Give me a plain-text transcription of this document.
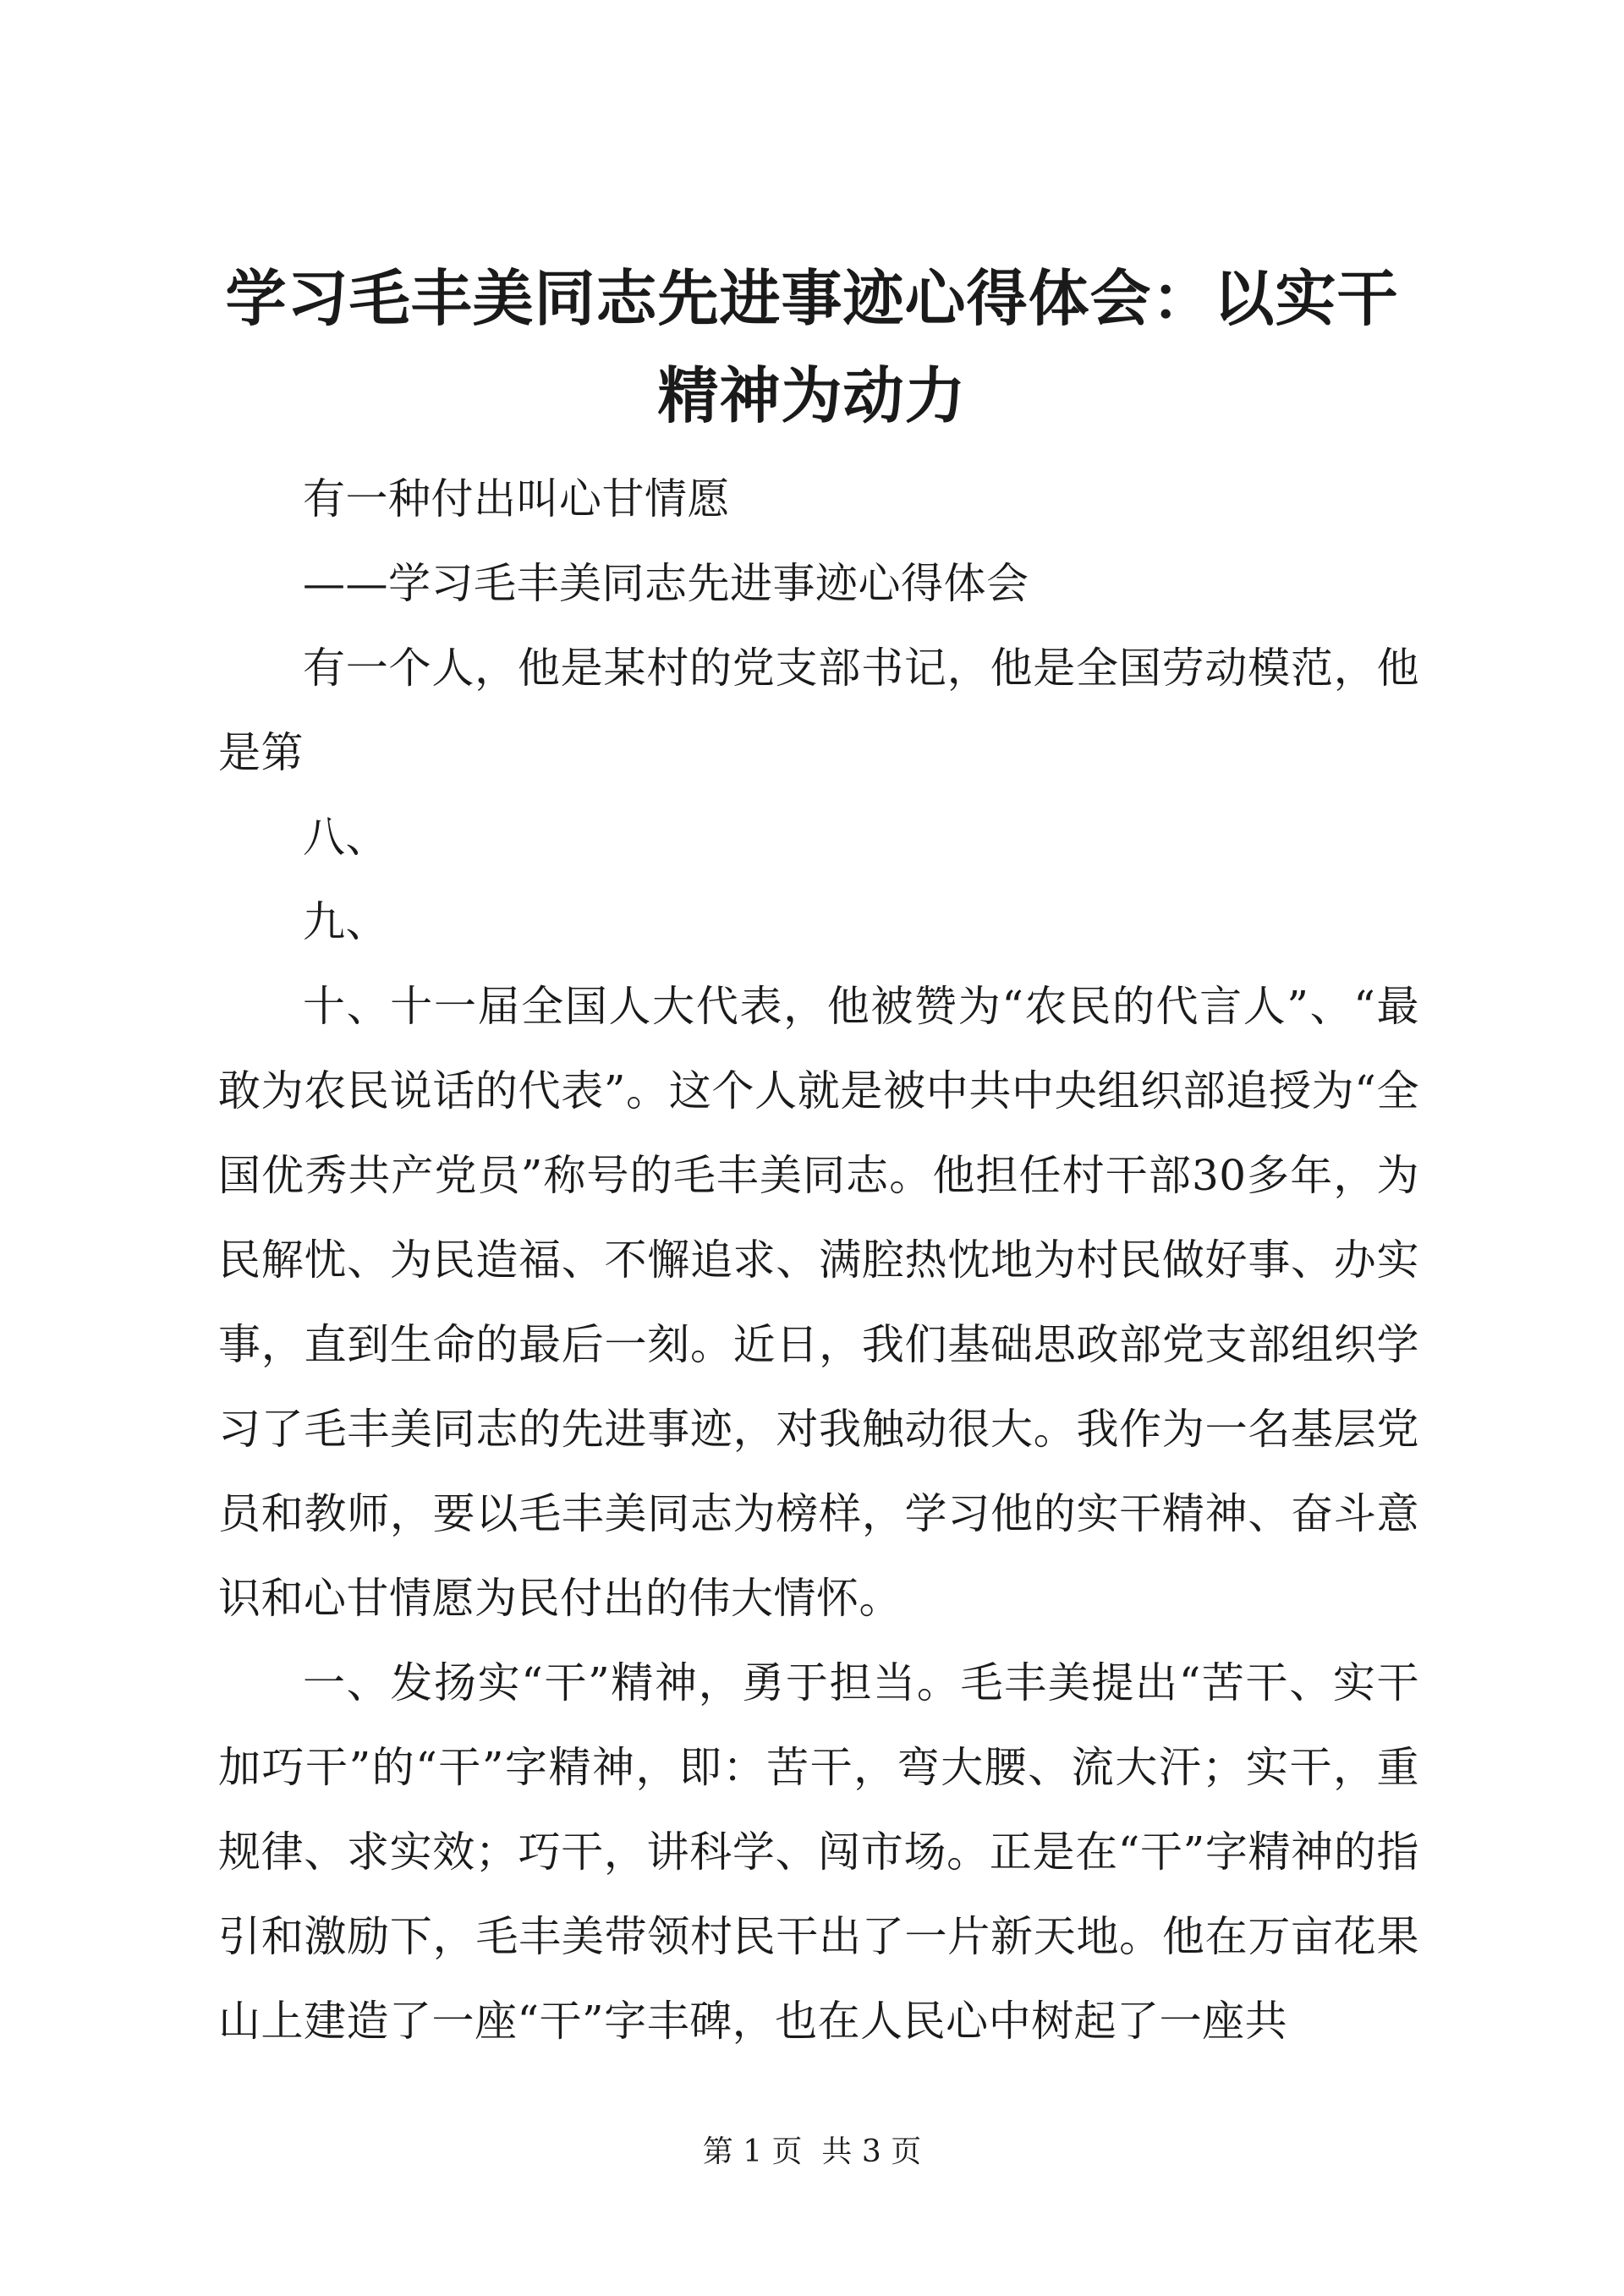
学习毛丰美同志先进事迹心得体会：以实干精神为动力

有一种付出叫心甘情愿

——学习毛丰美同志先进事迹心得体会

有一个人，他是某村的党支部书记，他是全国劳动模范，他是第

八、

九、

十、十一届全国人大代表，他被赞为“农民的代言人”、“最敢为农民说话的代表”。这个人就是被中共中央组织部追授为“全国优秀共产党员”称号的毛丰美同志。他担任村干部30多年，为民解忧、为民造福、不懈追求、满腔热忱地为村民做好事、办实事，直到生命的最后一刻。近日，我们基础思政部党支部组织学习了毛丰美同志的先进事迹，对我触动很大。我作为一名基层党员和教师，要以毛丰美同志为榜样，学习他的实干精神、奋斗意识和心甘情愿为民付出的伟大情怀。

一、发扬实“干”精神，勇于担当。毛丰美提出“苦干、实干加巧干”的“干”字精神，即：苦干，弯大腰、流大汗；实干，重规律、求实效；巧干，讲科学、闯市场。正是在“干”字精神的指引和激励下，毛丰美带领村民干出了一片新天地。他在万亩花果山上建造了一座“干”字丰碑，也在人民心中树起了一座共

第 1 页  共 3 页
